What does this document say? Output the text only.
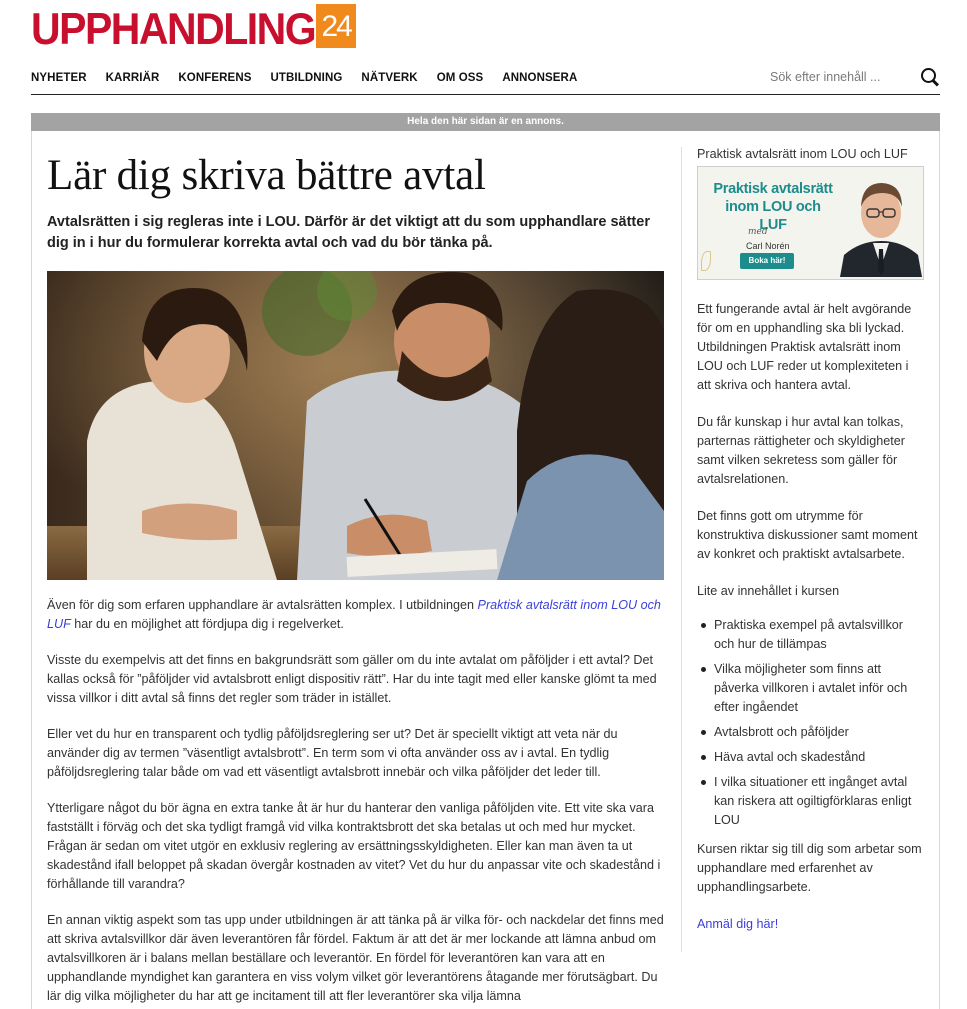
UPPHANDLING 24
NYHETER KARRIÄR KONFERENS UTBILDNING NÄTVERK OM OSS ANNONSERA
Sök efter innehåll ...
Hela den här sidan är en annons.
Lär dig skriva bättre avtal

Avtalsrätten i sig regleras inte i LOU. Därför är det viktigt att du som upphandlare sätter dig in i hur du formulerar korrekta avtal och vad du bör tänka på.

Även för dig som erfaren upphandlare är avtalsrätten komplex. I utbildningen Praktisk avtalsrätt inom LOU och LUF har du en möjlighet att fördjupa dig i regelverket.

Visste du exempelvis att det finns en bakgrundsrätt som gäller om du inte avtalat om påföljder i ett avtal? Det kallas också för ”påföljder vid avtalsbrott enligt dispositiv rätt”. Har du inte tagit med eller kanske glömt ta med vissa villkor i ditt avtal så finns det regler som träder in istället.

Eller vet du hur en transparent och tydlig påföljdsreglering ser ut? Det är speciellt viktigt att veta när du använder dig av termen ”väsentligt avtalsbrott”. En term som vi ofta använder oss av i avtal. En tydlig påföljdsreglering talar både om vad ett väsentligt avtalsbrott innebär och vilka påföljder det leder till.

Ytterligare något du bör ägna en extra tanke åt är hur du hanterar den vanliga påföljden vite. Ett vite ska vara fastställt i förväg och det ska tydligt framgå vid vilka kontraktsbrott det ska betalas ut och med hur mycket. Frågan är sedan om vitet utgör en exklusiv reglering av ersättningsskyldigheten. Eller kan man även ta ut skadestånd ifall beloppet på skadan övergår kostnaden av vitet? Vet du hur du anpassar vite och skadestånd i förhållande till varandra?

En annan viktig aspekt som tas upp under utbildningen är att tänka på är vilka för- och nackdelar det finns med att skriva avtalsvillkor där även leverantören får fördel. Faktum är att det är mer lockande att lämna anbud om avtalsvillkoren är i balans mellan beställare och leverantör. En fördel för leverantören kan vara att en upphandlande myndighet kan garantera en viss volym vilket gör leverantörens åtagande mer förutsägbart. Du lär dig vilka möjligheter du har att ge incitament till att fler leverantörer ska vilja lämna

Praktisk avtalsrätt inom LOU och LUF
Praktisk avtalsrätt inom LOU och LUF
med
Carl Norén
Boka här!

Ett fungerande avtal är helt avgörande för om en upphandling ska bli lyckad. Utbildningen Praktisk avtalsrätt inom LOU och LUF reder ut komplexiteten i att skriva och hantera avtal.

Du får kunskap i hur avtal kan tolkas, parternas rättigheter och skyldigheter samt vilken sekretess som gäller för avtalsrelationen.

Det finns gott om utrymme för konstruktiva diskussioner samt moment av konkret och praktiskt avtalsarbete.

Lite av innehållet i kursen

Praktiska exempel på avtalsvillkor och hur de tillämpas
Vilka möjligheter som finns att påverka villkoren i avtalet inför och efter ingåendet
Avtalsbrott och påföljder
Häva avtal och skadestånd
I vilka situationer ett ingånget avtal kan riskera att ogiltigförklaras enligt LOU

Kursen riktar sig till dig som arbetar som upphandlare med erfarenhet av upphandlingsarbete.

Anmäl dig här!
